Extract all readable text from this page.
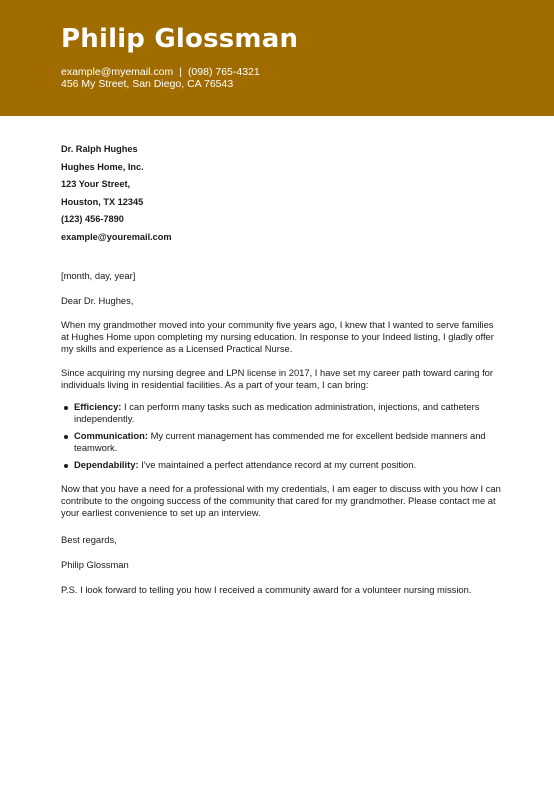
Philip Glossman
example@myemail.com | (098) 765-4321
456 My Street, San Diego, CA 76543
Dr. Ralph Hughes
Hughes Home, Inc.
123 Your Street,
Houston, TX 12345
(123) 456-7890
example@youremail.com
[month, day, year]
Dear Dr. Hughes,

When my grandmother moved into your community five years ago, I knew that I wanted to serve families at Hughes Home upon completing my nursing education. In response to your Indeed listing, I gladly offer my skills and experience as a Licensed Practical Nurse.

Since acquiring my nursing degree and LPN license in 2017, I have set my career path toward caring for individuals living in residential facilities. As a part of your team, I can bring:

Efficiency: I can perform many tasks such as medication administration, injections, and catheters independently.
Communication: My current management has commended me for excellent bedside manners and teamwork.
Dependability: I've maintained a perfect attendance record at my current position.

Now that you have a need for a professional with my credentials, I am eager to discuss with you how I can contribute to the ongoing success of the community that cared for my grandmother. Please contact me at your earliest convenience to set up an interview.

Best regards,
Philip Glossman
P.S. I look forward to telling you how I received a community award for a volunteer nursing mission.
